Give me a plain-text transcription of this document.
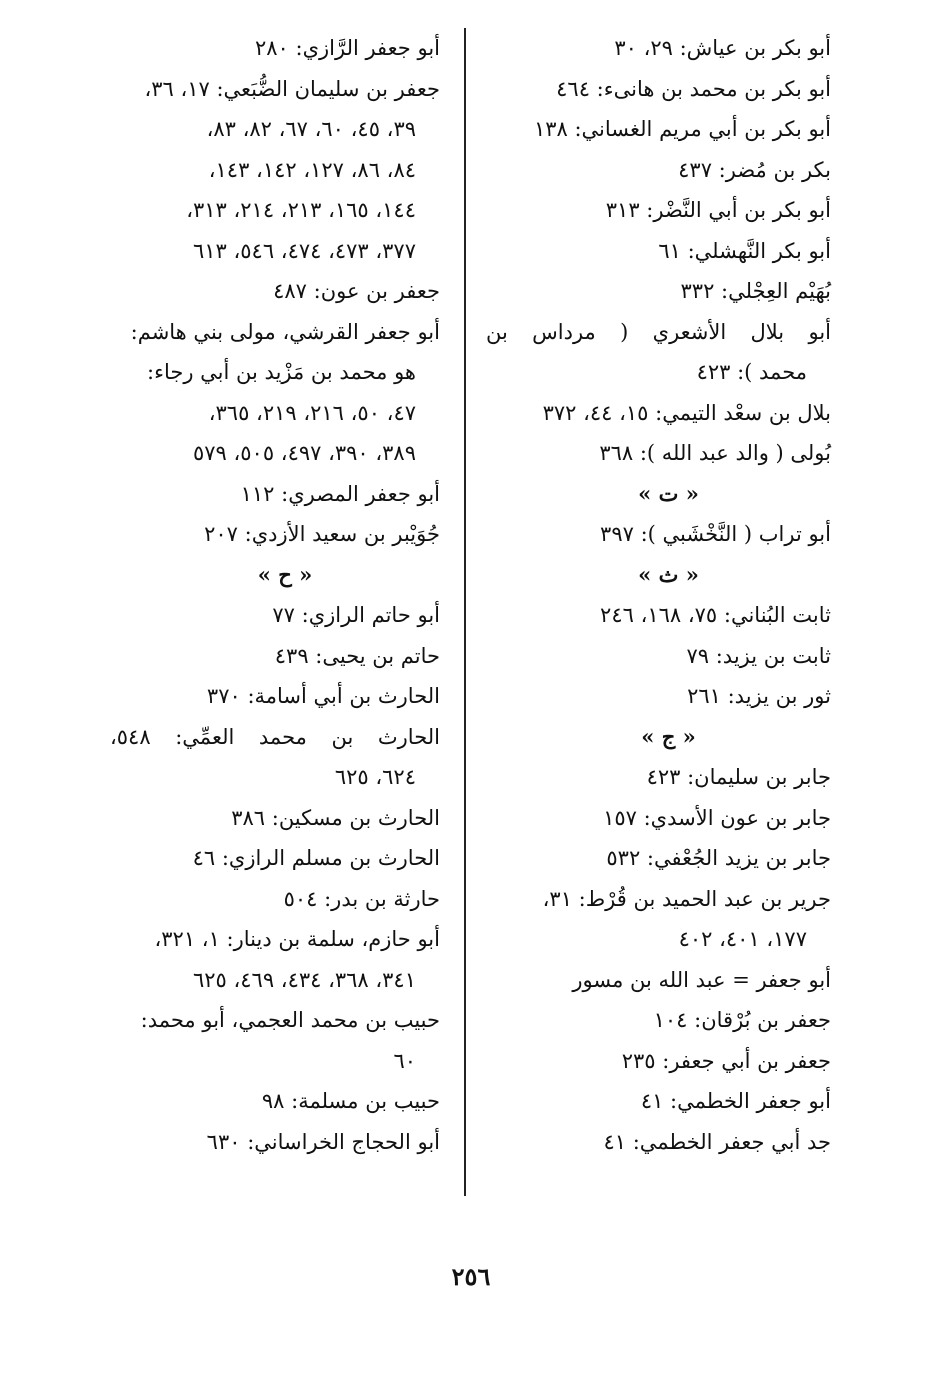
أبو بكر بن عياش: ٢٩، ٣٠
أبو بكر بن محمد بن هانىء: ٤٦٤
أبو بكر بن أبي مريم الغساني: ١٣٨
بكر بن مُضر: ٤٣٧
أبو بكر بن أبي النَّضْر: ٣١٣
أبو بكر النَّهشلي: ٦١
بُهَيْم العِجْلي: ٣٣٢
أبو بلال الأشعري ( مرداس بن
محمد ): ٤٢٣
بلال بن سعْد التيمي: ١٥، ٤٤، ٣٧٢
بُولى ( والد عبد الله ): ٣٦٨
« ت »
أبو تراب ( النَّخْشَبي ): ٣٩٧
« ث »
ثابت البُناني: ٧٥، ١٦٨، ٢٤٦
ثابت بن يزيد: ٧٩
ثور بن يزيد: ٢٦١
« ج »
جابر بن سليمان: ٤٢٣
جابر بن عون الأسدي: ١٥٧
جابر بن يزيد الجُعْفي: ٥٣٢
جرير بن عبد الحميد بن قُرْط: ٣١،
١٧٧، ٤٠١، ٤٠٢
أبو جعفر = عبد الله بن مسور
جعفر بن بُرْقان: ١٠٤
جعفر بن أبي جعفر: ٢٣٥
أبو جعفر الخطمي: ٤١
جد أبي جعفر الخطمي: ٤١
أبو جعفر الرَّازي: ٢٨٠
جعفر بن سليمان الضُّبَعي: ١٧، ٣٦،
٣٩، ٤٥، ٦٠، ٦٧، ٨٢، ٨٣،
٨٤، ٨٦، ١٢٧، ١٤٢، ١٤٣،
١٤٤، ١٦٥، ٢١٣، ٢١٤، ٣١٣،
٣٧٧، ٤٧٣، ٤٧٤، ٥٤٦، ٦١٣
جعفر بن عون: ٤٨٧
أبو جعفر القرشي، مولى بني هاشم:
هو محمد بن مَزْيد بن أبي رجاء:
٤٧، ٥٠، ٢١٦، ٢١٩، ٣٦٥،
٣٨٩، ٣٩٠، ٤٩٧، ٥٠٥، ٥٧٩
أبو جعفر المصري: ١١٢
جُوَيْبر بن سعيد الأزدي: ٢٠٧
« ح »
أبو حاتم الرازي: ٧٧
حاتم بن يحيى: ٤٣٩
الحارث بن أبي أسامة: ٣٧٠
الحارث بن محمد العمِّي: ٥٤٨،
٦٢٤، ٦٢٥
الحارث بن مسكين: ٣٨٦
الحارث بن مسلم الرازي: ٤٦
حارثة بن بدر: ٥٠٤
أبو حازم، سلمة بن دينار: ١، ٣٢١،
٣٤١، ٣٦٨، ٤٣٤، ٤٦٩، ٦٢٥
حبيب بن محمد العجمي، أبو محمد:
٦٠
حبيب بن مسلمة: ٩٨
أبو الحجاج الخراساني: ٦٣٠
٢٥٦
